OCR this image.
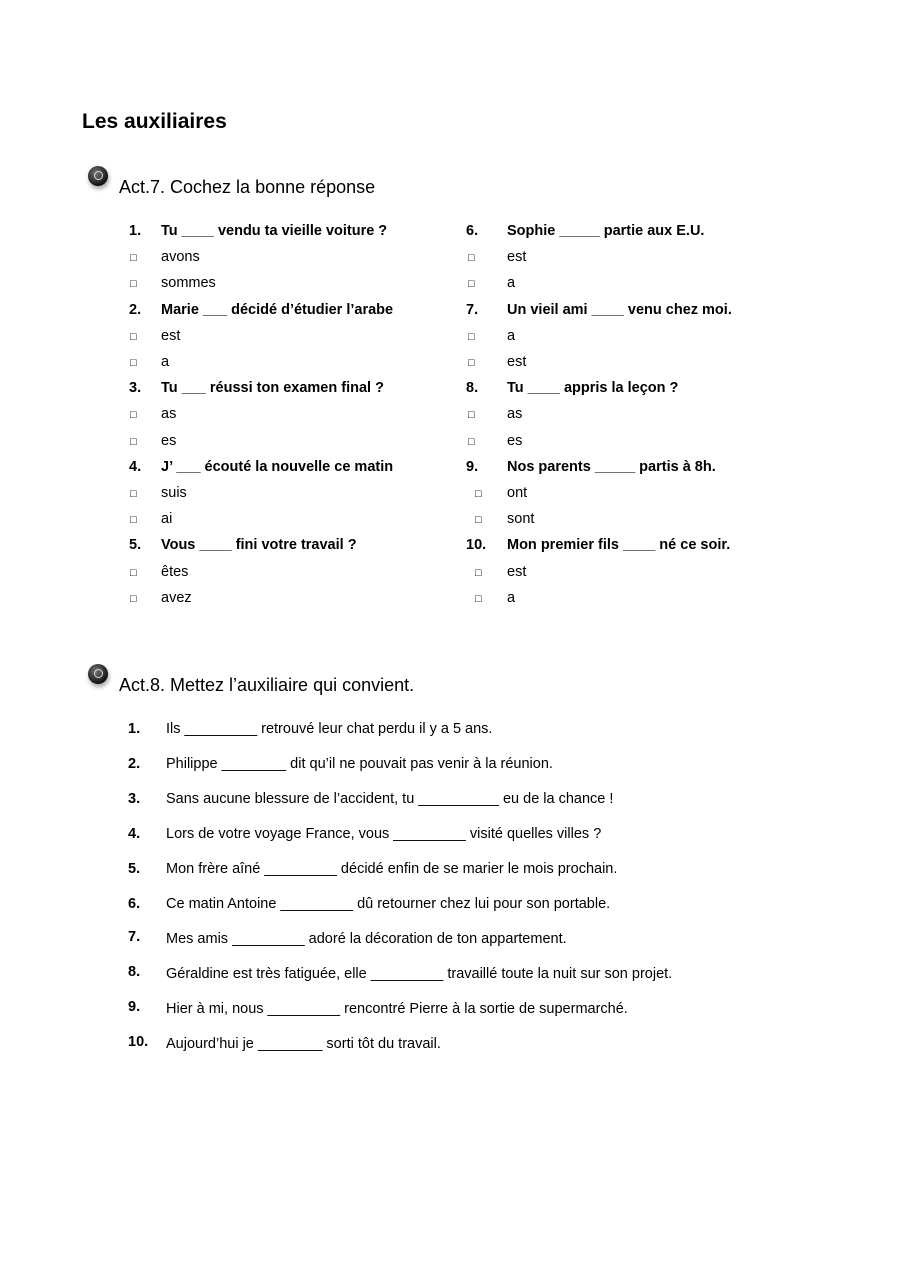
Les auxiliaires
Act.7. Cochez la bonne réponse
1. Tu ____ vendu ta vieille voiture ?
□ avons
□ sommes
2. Marie ___ décidé d’étudier l’arabe
□ est
□ a
3. Tu ___ réussi ton examen final ?
□ as
□ es
4. J’ ___ écouté la nouvelle ce matin
□ suis
□ ai
5. Vous ____ fini votre travail ?
□ êtes
□ avez
6. Sophie _____ partie aux E.U.
□ est
□ a
7. Un vieil ami ____ venu chez moi.
□ a
□ est
8. Tu ____ appris la leçon ?
□ as
□ es
9. Nos parents _____ partis à 8h.
□ ont
□ sont
10. Mon premier fils ____ né ce soir.
□ est
□ a
Act.8. Mettez l’auxiliaire qui convient.
1. Ils _________ retrouvé leur chat perdu il y a 5 ans.
2. Philippe ________ dit qu’il ne pouvait pas venir à la réunion.
3. Sans aucune blessure de l’accident, tu __________ eu de la chance !
4. Lors de votre voyage France, vous _________ visité quelles villes ?
5. Mon frère aîné _________ décidé enfin de se marier le mois prochain.
6. Ce matin Antoine _________ dû retourner chez lui pour son portable.
7. Mes amis _________ adoré la décoration de ton appartement.
8. Géraldine est très fatiguée, elle _________ travaillé toute la nuit sur son projet.
9. Hier à mi, nous _________ rencontré Pierre à la sortie de supermarché.
10. Aujourd’hui je ________ sorti tôt du travail.
